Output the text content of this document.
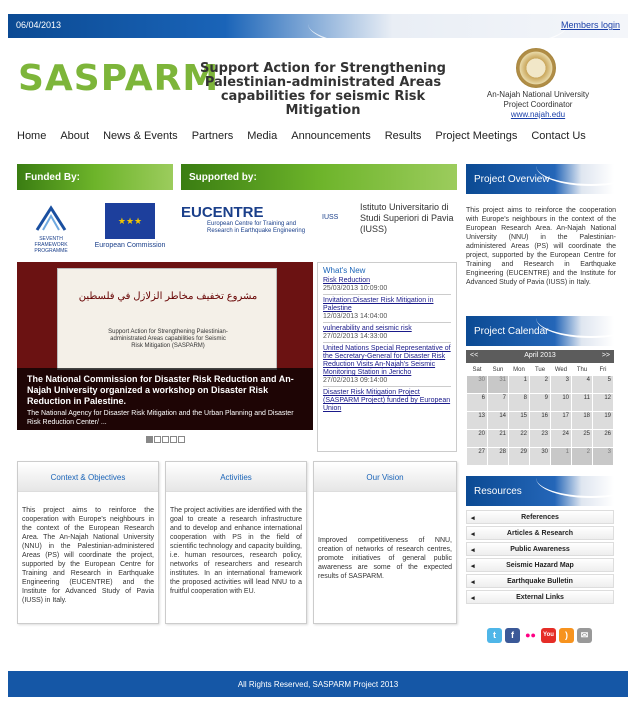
06/04/2013	Members login
SASPARM
Support Action for Strengthening Palestinian-administrated Areas capabilities for seismic Risk Mitigation
An-Najah National University
Project Coordinator
www.najah.edu
Home About News & Events Partners Media Announcements Results Project Meetings Contact Us
Funded By:	Supported by:
SEVENTH FRAMEWORK PROGRAMME
★★★
European Commission
EUCENTRE
European Centre for Training and Research in Earthquake Engineering
IUSS
Istituto Universitario di Studi Superiori di Pavia (IUSS)
مشروع تخفيف مخاطر الزلازل في فلسطين
Support Action for Strengthening Palestinian- administrated Areas capabilities for Seismic Risk Mitigation (SASPARM)
The National Commission for Disaster Risk Reduction and An-Najah University organized a workshop on Disaster Risk Reduction in Palestine.
The National Agency for Disaster Risk Mitigation and the Urban Planning and Disaster Risk Reduction Center/ ...
What's New
Risk Reduction
25/03/2013 10:09:00
Invitation:Disaster Risk Mitigation in Palestine
12/03/2013 14:04:00
vulnerability and seismic risk
27/02/2013 14:33:00
United Nations Special Representative of the Secretary-General for Disaster Risk Reduction Visits An-Najah's Seismic Monitoring Station in Jericho
27/02/2013 09:14:00
Disaster Risk Mitigation Project (SASPARM Project) funded by European Union
Context & Objectives
This project aims to reinforce the cooperation with Europe's neighbours in the context of the European Research Area. The An-Najah National University (NNU) in the Palestinian-administered Areas (PS) will coordinate the project, supported by the European Centre for Training and Research in Earthquake Engineering (EUCENTRE) and the Institute for Advanced Study of Pavia (IUSS) in Italy.
Activities
The project activities are identified with the goal to create a research infrastructure and to develop and enhance international cooperation with PS in the field of scientific technology and capacity building, i.e. human resources, research policy, networks of researchers and research institutes. In an international framework the proposed activities will lead NNU to a fruitful cooperation with EU.
Our Vision
Improved competitiveness of NNU, creation of networks of research centres, promote initiatives of general public awareness are some of the expected results of SASPARM.
Project Overview
This project aims to reinforce the cooperation with Europe's neighbours in the context of the European Research Area. An-Najah National University (NNU) in the Palestinian-administered Areas (PS) will coordinate the project, supported by the European Centre for Training and Research in Earthquake Engineering (EUCENTRE) and the Institute for Advanced Study of Pavia (IUSS) in Italy.
Project Calendar
<<	April 2013	>>
Sat	Sun	Mon	Tue	Wed	Thu	Fri
30	31	1	2	3	4	5
6	7	8	9	10	11	12
13	14	15	16	17	18	19
20	21	22	23	24	25	26
27	28	29	30	1	2	3
Resources
◂ References
◂ Articles & Research
◂ Public Awareness
◂ Seismic Hazard Map
◂ Earthquake Bulletin
◂ External Links
t	f	●●	You	)	✉
All Rights Reserved, SASPARM Project 2013
